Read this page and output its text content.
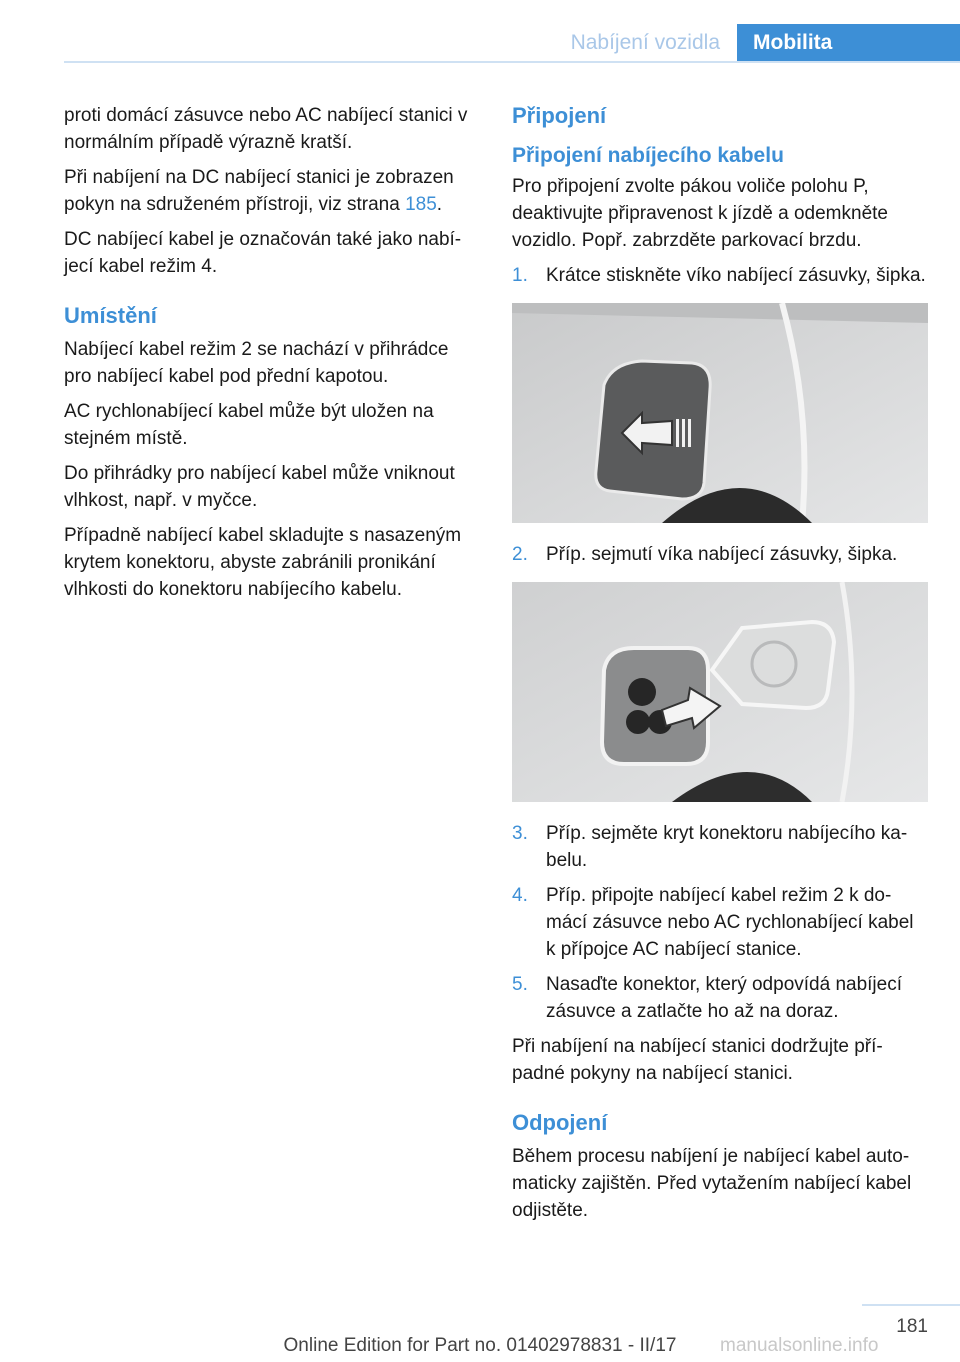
Nabíjení vozidla	Mobilita

proti domácí zásuvce nebo AC nabíjecí stanici v normálním případě výrazně kratší.

Při nabíjení na DC nabíjecí stanici je zobrazen pokyn na sdruženém přístroji, viz strana 185.

DC nabíjecí kabel je označován také jako nabí-jecí kabel režim 4.

Umístění

Nabíjecí kabel režim 2 se nachází v přihrádce pro nabíjecí kabel pod přední kapotou.

AC rychlonabíjecí kabel může být uložen na stejném místě.

Do přihrádky pro nabíjecí kabel může vniknout vlhkost, např. v myčce.

Případně nabíjecí kabel skladujte s nasazeným krytem konektoru, abyste zabránili pronikání vlhkosti do konektoru nabíjecího kabelu.

Připojení
Připojení nabíjecího kabelu

Pro připojení zvolte pákou voliče polohu P, deaktivujte připravenost k jízdě a odemkněte vozidlo. Popř. zabrzděte parkovací brzdu.

1. Krátce stiskněte víko nabíjecí zásuvky, šipka.
2. Příp. sejmutí víka nabíjecí zásuvky, šipka.
3. Příp. sejměte kryt konektoru nabíjecího ka-belu.
4. Příp. připojte nabíjecí kabel režim 2 k do-mácí zásuvce nebo AC rychlonabíjecí kabel k přípojce AC nabíjecí stanice.
5. Nasaďte konektor, který odpovídá nabíjecí zásuvce a zatlačte ho až na doraz.

Při nabíjení na nabíjecí stanici dodržujte pří-padné pokyny na nabíjecí stanici.

Odpojení

Během procesu nabíjení je nabíjecí kabel auto-maticky zajištěn. Před vytažením nabíjecí kabel odjistěte.

181
Online Edition for Part no. 01402978831 - II/17	manualsonline.info
